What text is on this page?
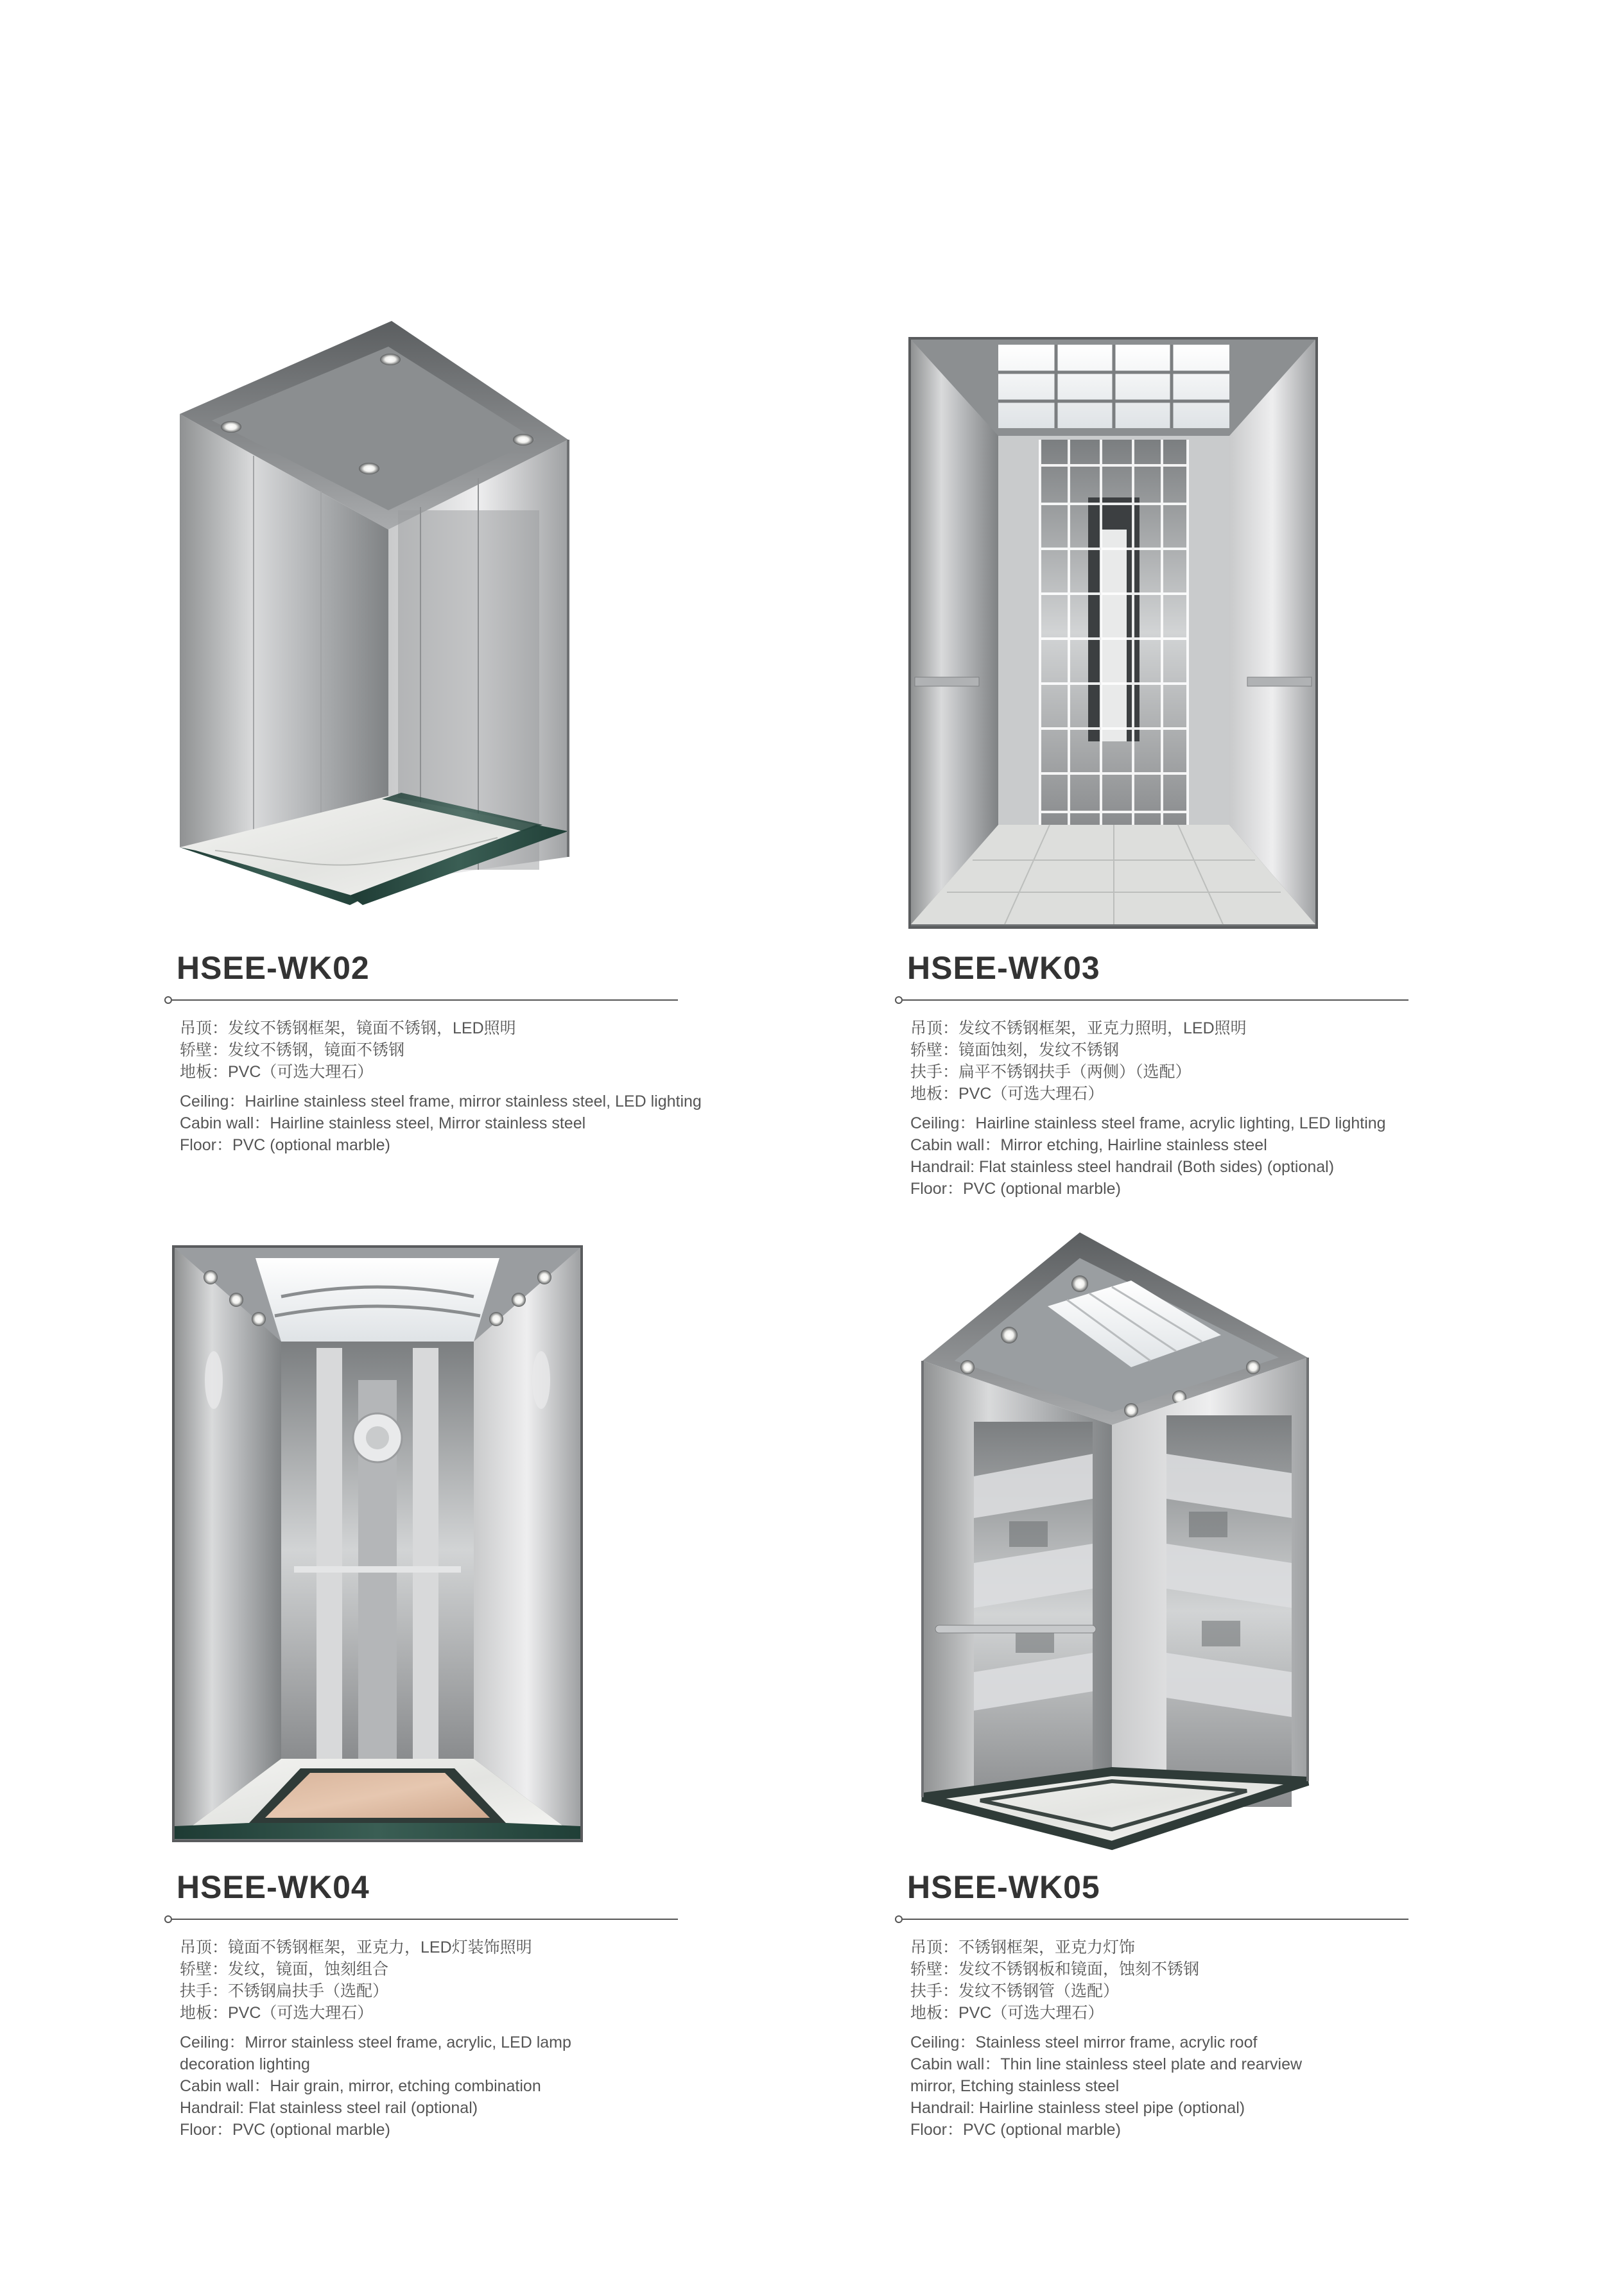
HSEE-WK02
吊顶：发纹不锈钢框架，镜面不锈钢，LED照明
轿壁：发纹不锈钢，镜面不锈钢
地板：PVC（可选大理石）
Ceiling：Hairline stainless steel frame, mirror stainless steel, LED lighting
Cabin wall：Hairline stainless steel, Mirror stainless steel
Floor：PVC (optional marble)
HSEE-WK03
吊顶：发纹不锈钢框架，亚克力照明，LED照明
轿壁：镜面蚀刻，发纹不锈钢
扶手：扁平不锈钢扶手（两侧）（选配）
地板：PVC（可选大理石）
Ceiling：Hairline stainless steel frame, acrylic lighting, LED lighting
Cabin wall：Mirror etching, Hairline stainless steel
Handrail: Flat stainless steel handrail (Both sides) (optional)
Floor：PVC (optional marble)
HSEE-WK04
吊顶：镜面不锈钢框架，亚克力，LED灯装饰照明
轿壁：发纹，镜面，蚀刻组合
扶手：不锈钢扁扶手（选配）
地板：PVC（可选大理石）
Ceiling：Mirror stainless steel frame, acrylic, LED lamp
decoration lighting
Cabin wall：Hair grain, mirror, etching combination
Handrail: Flat stainless steel rail (optional)
Floor：PVC (optional marble)
HSEE-WK05
吊顶：不锈钢框架，亚克力灯饰
轿壁：发纹不锈钢板和镜面，蚀刻不锈钢
扶手：发纹不锈钢管（选配）
地板：PVC（可选大理石）
Ceiling：Stainless steel mirror frame, acrylic roof
Cabin wall：Thin line stainless steel plate and rearview
mirror, Etching stainless steel
Handrail: Hairline stainless steel pipe (optional)
Floor：PVC (optional marble)
